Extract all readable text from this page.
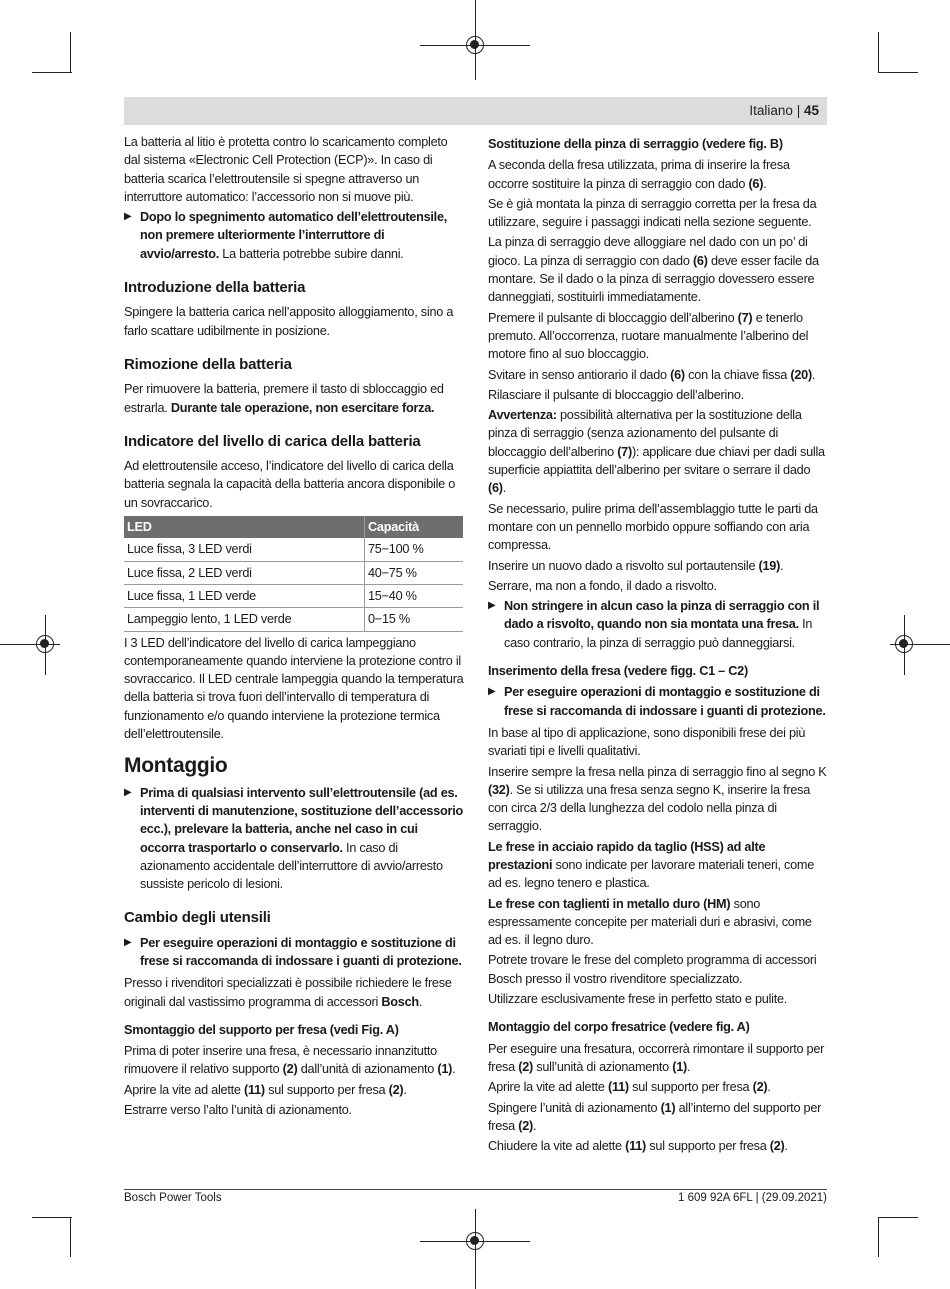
Italiano | 45

La batteria al litio è protetta contro lo scaricamento completo dal sistema «Electronic Cell Protection (ECP)». In caso di batteria scarica l’elettroutensile si spegne attraverso un interruttore automatico: l’accessorio non si muove più.

▶ Dopo lo spegnimento automatico dell’elettroutensile, non premere ulteriormente l’interruttore di avvio/arresto. La batteria potrebbe subire danni.
Introduzione della batteria

Spingere la batteria carica nell’apposito alloggiamento, sino a farlo scattare udibilmente in posizione.

Rimozione della batteria

Per rimuovere la batteria, premere il tasto di sbloccaggio ed estrarla. Durante tale operazione, non esercitare forza.

Indicatore del livello di carica della batteria

Ad elettroutensile acceso, l’indicatore del livello di carica della batteria segnala la capacità della batteria ancora disponibile o un sovraccarico.

LED	Capacità
Luce fissa, 3 LED verdi	75−100 %
Luce fissa, 2 LED verdi	40−75 %
Luce fissa, 1 LED verde	15−40 %
Lampeggio lento, 1 LED verde	0−15 %

I 3 LED dell’indicatore del livello di carica lampeggiano contemporaneamente quando interviene la protezione contro il sovraccarico. Il LED centrale lampeggia quando la temperatura della batteria si trova fuori dell’intervallo di temperatura di funzionamento e/o quando interviene la protezione termica dell’elettroutensile.

Montaggio
▶ Prima di qualsiasi intervento sull’elettroutensile (ad es. interventi di manutenzione, sostituzione dell’accessorio ecc.), prelevare la batteria, anche nel caso in cui occorra trasportarlo o conservarlo. In caso di azionamento accidentale dell’interruttore di avvio/arresto sussiste pericolo di lesioni.
Cambio degli utensili
▶ Per eseguire operazioni di montaggio e sostituzione di frese si raccomanda di indossare i guanti di protezione.

Presso i rivenditori specializzati è possibile richiedere le frese originali dal vastissimo programma di accessori Bosch.

Smontaggio del supporto per fresa (vedi Fig. A)

Prima di poter inserire una fresa, è necessario innanzitutto rimuovere il relativo supporto (2) dall’unità di azionamento (1).

Aprire la vite ad alette (11) sul supporto per fresa (2).

Estrarre verso l’alto l’unità di azionamento.

Sostituzione della pinza di serraggio (vedere fig. B)

A seconda della fresa utilizzata, prima di inserire la fresa occorre sostituire la pinza di serraggio con dado (6).

Se è già montata la pinza di serraggio corretta per la fresa da utilizzare, seguire i passaggi indicati nella sezione seguente.

La pinza di serraggio deve alloggiare nel dado con un po’ di gioco. La pinza di serraggio con dado (6) deve esser facile da montare. Se il dado o la pinza di serraggio dovessero essere danneggiati, sostituirli immediatamente.

Premere il pulsante di bloccaggio dell’alberino (7) e tenerlo premuto. All’occorrenza, ruotare manualmente l’alberino del motore fino al suo bloccaggio.

Svitare in senso antiorario il dado (6) con la chiave fissa (20).

Rilasciare il pulsante di bloccaggio dell’alberino.

Avvertenza: possibilità alternativa per la sostituzione della pinza di serraggio (senza azionamento del pulsante di bloccaggio dell’alberino (7)): applicare due chiavi per dadi sulla superficie appiattita dell’alberino per svitare o serrare il dado (6).

Se necessario, pulire prima dell’assemblaggio tutte le parti da montare con un pennello morbido oppure soffiando con aria compressa.

Inserire un nuovo dado a risvolto sul portautensile (19).

Serrare, ma non a fondo, il dado a risvolto.

▶ Non stringere in alcun caso la pinza di serraggio con il dado a risvolto, quando non sia montata una fresa. In caso contrario, la pinza di serraggio può danneggiarsi.
Inserimento della fresa (vedere figg. C1 – C2)
▶ Per eseguire operazioni di montaggio e sostituzione di frese si raccomanda di indossare i guanti di protezione.

In base al tipo di applicazione, sono disponibili frese dei più svariati tipi e livelli qualitativi.

Inserire sempre la fresa nella pinza di serraggio fino al segno K (32). Se si utilizza una fresa senza segno K, inserire la fresa con circa 2/3 della lunghezza del codolo nella pinza di serraggio.

Le frese in acciaio rapido da taglio (HSS) ad alte prestazioni sono indicate per lavorare materiali teneri, come ad es. legno tenero e plastica.

Le frese con taglienti in metallo duro (HM) sono espressamente concepite per materiali duri e abrasivi, come ad es. il legno duro.

Potrete trovare le frese del completo programma di accessori Bosch presso il vostro rivenditore specializzato.

Utilizzare esclusivamente frese in perfetto stato e pulite.

Montaggio del corpo fresatrice (vedere fig. A)

Per eseguire una fresatura, occorrerà rimontare il supporto per fresa (2) sull’unità di azionamento (1).

Aprire la vite ad alette (11) sul supporto per fresa (2).

Spingere l’unità di azionamento (1) all’interno del supporto per fresa (2).

Chiudere la vite ad alette (11) sul supporto per fresa (2).

Bosch Power Tools	1 609 92A 6FL | (29.09.2021)
